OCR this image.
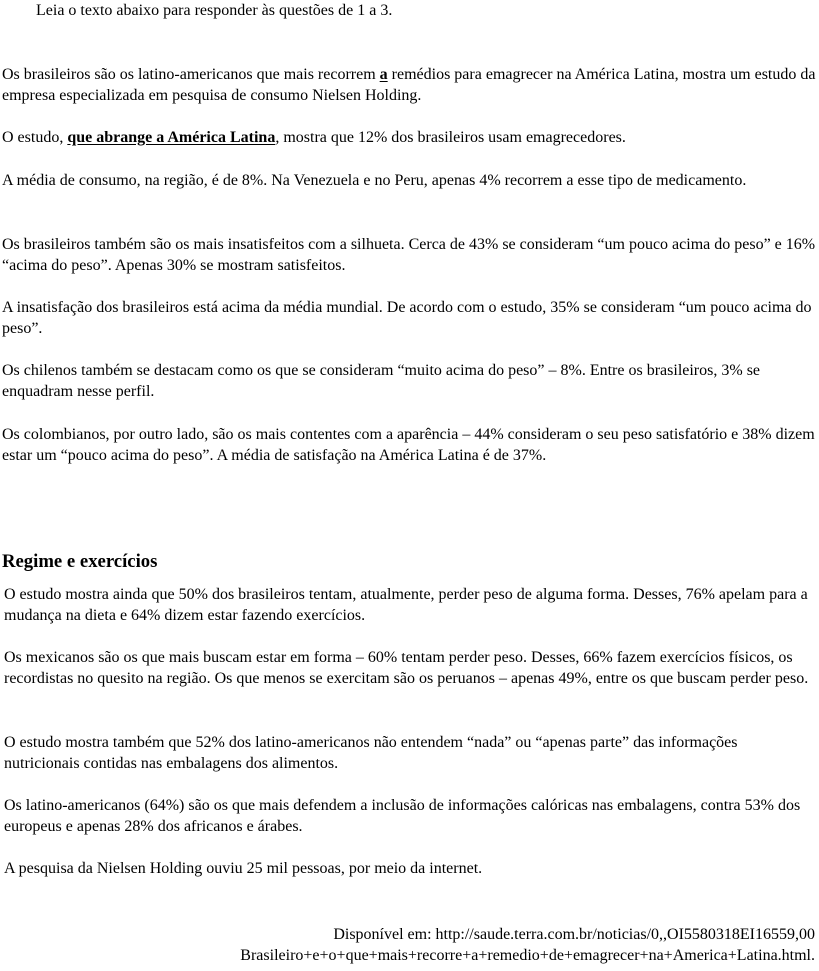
Leia o texto abaixo para responder às questões de 1 a 3.

Os brasileiros são os latino-americanos que mais recorrem a remédios para emagrecer na América Latina, mostra um estudo da empresa especializada em pesquisa de consumo Nielsen Holding.

O estudo, que abrange a América Latina, mostra que 12% dos brasileiros usam emagrecedores.

A média de consumo, na região, é de 8%. Na Venezuela e no Peru, apenas 4% recorrem a esse tipo de medicamento.

Os brasileiros também são os mais insatisfeitos com a silhueta. Cerca de 43% se consideram “um pouco acima do peso” e 16% “acima do peso”. Apenas 30% se mostram satisfeitos.

A insatisfação dos brasileiros está acima da média mundial. De acordo com o estudo, 35% se consideram “um pouco acima do peso”.

Os chilenos também se destacam como os que se consideram “muito acima do peso” – 8%. Entre os brasileiros, 3% se enquadram nesse perfil.

Os colombianos, por outro lado, são os mais contentes com a aparência – 44% consideram o seu peso satisfatório e 38% dizem estar um “pouco acima do peso”. A média de satisfação na América Latina é de 37%.

Regime e exercícios

O estudo mostra ainda que 50% dos brasileiros tentam, atualmente, perder peso de alguma forma. Desses, 76% apelam para a mudança na dieta e 64% dizem estar fazendo exercícios.

Os mexicanos são os que mais buscam estar em forma – 60% tentam perder peso. Desses, 66% fazem exercícios físicos, os recordistas no quesito na região. Os que menos se exercitam são os peruanos – apenas 49%, entre os que buscam perder peso.

O estudo mostra também que 52% dos latino-americanos não entendem “nada” ou “apenas parte” das informações nutricionais contidas nas embalagens dos alimentos.

Os latino-americanos (64%) são os que mais defendem a inclusão de informações calóricas nas embalagens, contra 53% dos europeus e apenas 28% dos africanos e árabes.

A pesquisa da Nielsen Holding ouviu 25 mil pessoas, por meio da internet.

Disponível em: http://saude.terra.com.br/noticias/0,,OI5580318EI16559,00
Brasileiro+e+o+que+mais+recorre+a+remedio+de+emagrecer+na+America+Latina.html.
